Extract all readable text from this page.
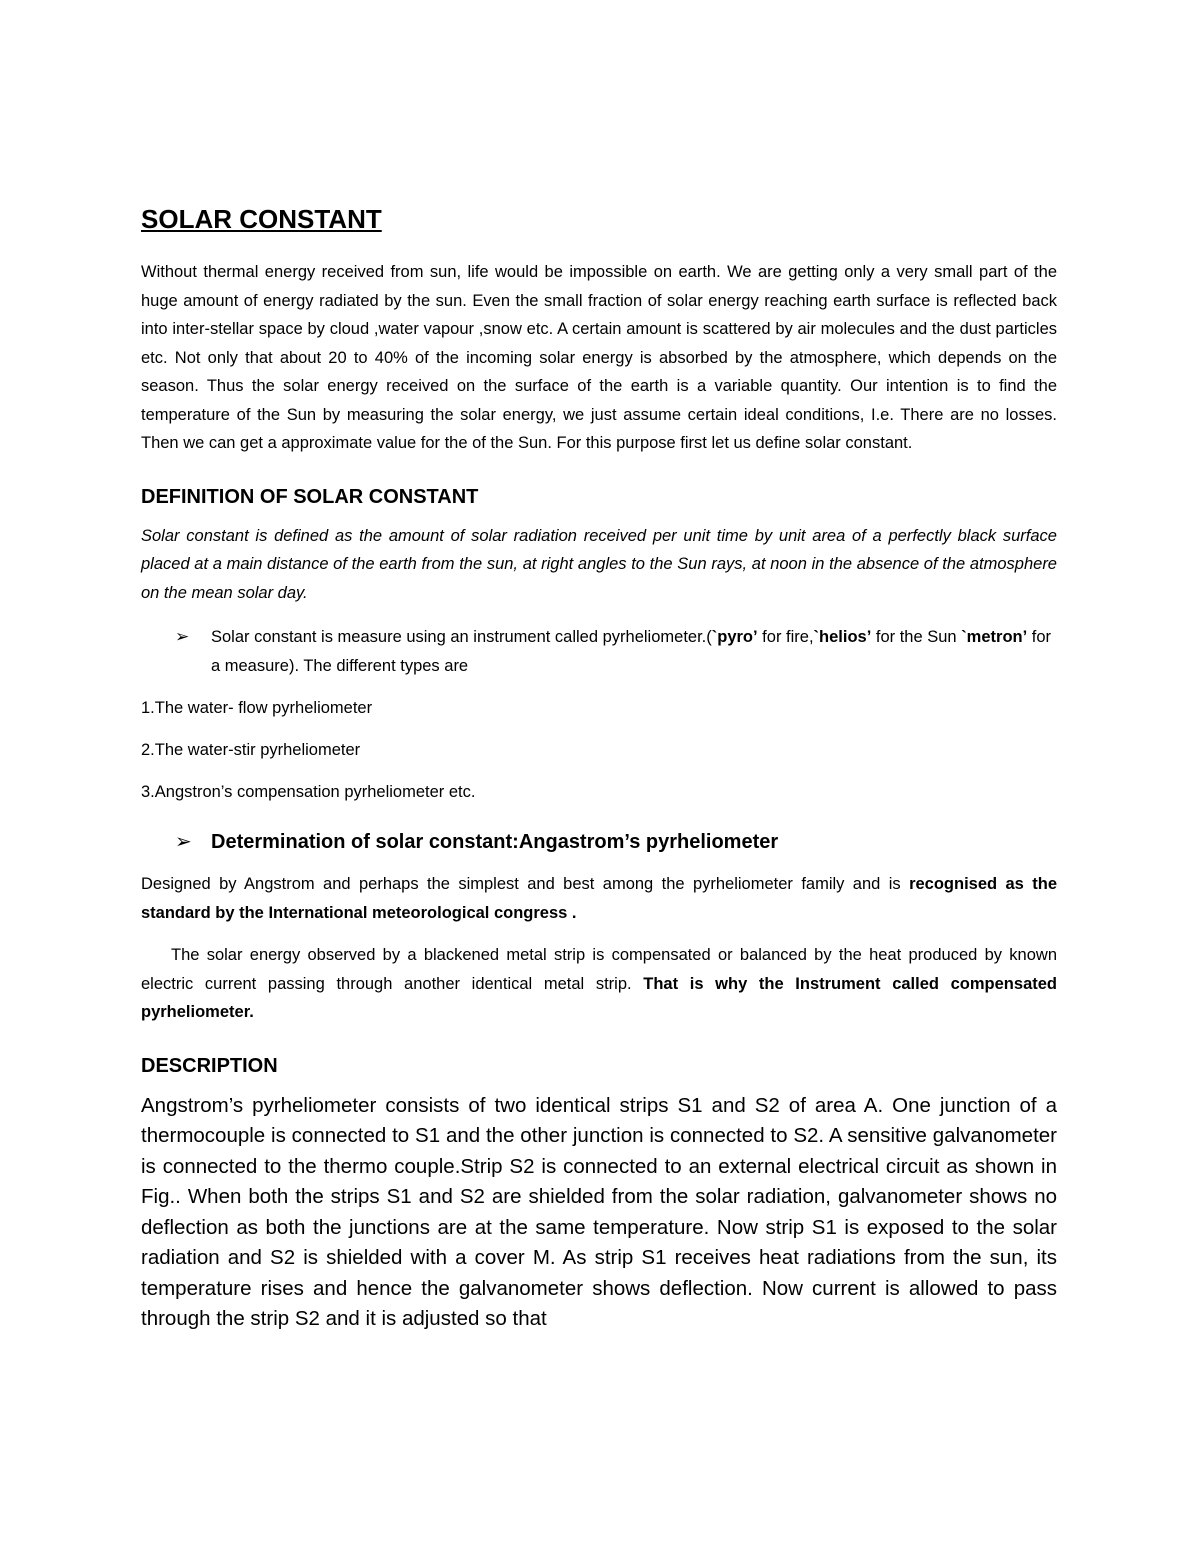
SOLAR CONSTANT

Without thermal energy received from sun, life would be impossible on earth. We are getting only a very small part of the huge amount of energy radiated by the sun. Even the small fraction of solar energy reaching earth surface is reflected back into inter-stellar space by cloud ,water vapour ,snow etc. A certain amount is scattered by air molecules and the dust particles etc. Not only that about 20 to 40% of the incoming solar energy is absorbed by the atmosphere, which depends on the season. Thus the solar energy received on the surface of the earth is a variable quantity. Our intention is to find the temperature of the Sun by measuring the solar energy, we just assume certain ideal conditions, I.e. There are no losses. Then we can get a approximate value for the of the Sun. For this purpose first let us define solar constant.

DEFINITION OF SOLAR CONSTANT

Solar constant is defined as the amount of solar radiation received per unit time by unit area of a perfectly black surface placed at a main distance of the earth from the sun, at right angles to the Sun rays, at noon in the absence of the atmosphere on the mean solar day.

➢	Solar constant is measure using an instrument called pyrheliometer.(`pyro’ for fire,`helios’ for the Sun `metron’ for a measure). The different types are

1.The water- flow pyrheliometer

2.The water-stir pyrheliometer

3.Angstron’s compensation pyrheliometer etc.

➢ Determination of solar constant:Angastrom’s pyrheliometer

Designed by Angstrom and perhaps the simplest and best among the pyrheliometer family and is recognised as the standard by the International meteorological congress .

The solar energy observed by a blackened metal strip is compensated or balanced by the heat produced by known electric current passing through another identical metal strip. That is why the Instrument called compensated pyrheliometer.

DESCRIPTION

Angstrom’s pyrheliometer consists of two identical strips S1 and S2 of area A. One junction of a thermocouple is connected to S1 and the other junction is connected to S2. A sensitive galvanometer is connected to the thermo couple.Strip S2 is connected to an external electrical circuit as shown in Fig.. When both the strips S1 and S2 are shielded from the solar radiation, galvanometer shows no deflection as both the junctions are at the same temperature. Now strip S1 is exposed to the solar radiation and S2 is shielded with a cover M. As strip S1 receives heat radiations from the sun, its temperature rises and hence the galvanometer shows deflection. Now current is allowed to pass through the strip S2 and it is adjusted so that
